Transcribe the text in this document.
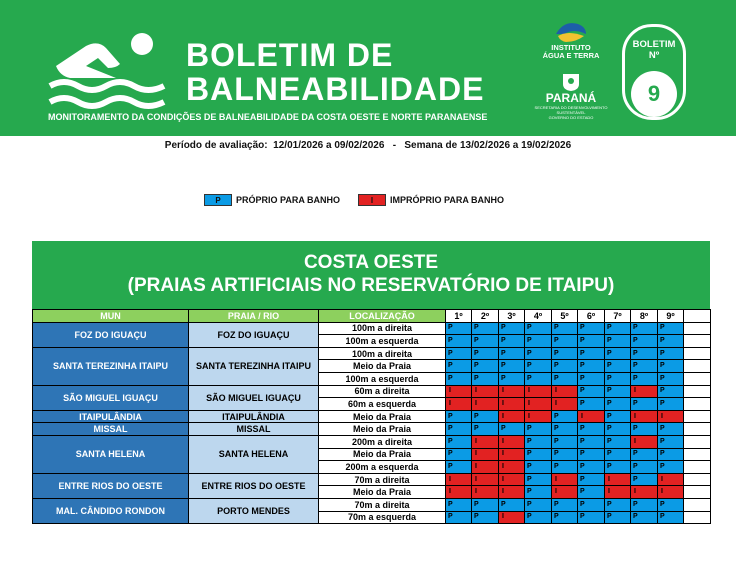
BOLETIM DE
BALNEABILIDADE
MONITORAMENTO DA CONDIÇÕES DE BALNEABILIDADE DA COSTA OESTE E NORTE PARANAENSE
INSTITUTO
ÁGUA E TERRA
PARANÁ
SECRETARIA DO DESENVOLVIMENTO SUSTENTÁVEL
GOVERNO DO ESTADO
BOLETIM
Nº
9
Período de avaliação:  12/01/2026 a 09/02/2026   -   Semana de 13/02/2026 a 19/02/2026
P PRÓPRIO PARA BANHO	I IMPRÓPRIO PARA BANHO
COSTA OESTE
(PRAIAS ARTIFICIAIS NO RESERVATÓRIO DE ITAIPU)
MUN	PRAIA / RIO	LOCALIZAÇÃO	1º	2º	3º	4º	5º	6º	7º	8º	9º	
FOZ DO IGUAÇU	FOZ DO IGUAÇU	100m a direita	P	P	P	P	P	P	P	P	P	
		100m a esquerda	P	P	P	P	P	P	P	P	P	
SANTA TEREZINHA ITAIPU	SANTA TEREZINHA ITAIPU	100m a direita	P	P	P	P	P	P	P	P	P	
		Meio da Praia	P	P	P	P	P	P	P	P	P	
		100m a esquerda	P	P	P	P	P	P	P	P	P	
SÃO MIGUEL IGUAÇU	SÃO MIGUEL IGUAÇU	60m a direita	I	I	I	I	I	P	P	I	P	
		60m a esquerda	I	I	I	I	I	P	P	P	P	
ITAIPULÂNDIA	ITAIPULÂNDIA	Meio da Praia	P	P	I	I	P	I	P	I	I	
MISSAL	MISSAL	Meio da Praia	P	P	P	P	P	P	P	P	P	
SANTA HELENA	SANTA HELENA	200m a direita	P	I	I	P	P	P	P	I	P	
		Meio da Praia	P	I	I	P	P	P	P	P	P	
		200m a esquerda	P	I	I	P	P	P	P	P	P	
ENTRE RIOS DO OESTE	ENTRE RIOS DO OESTE	70m a direita	I	I	I	P	I	P	I	P	I	
		Meio da Praia	I	I	I	P	I	P	I	I	I	
MAL. CÂNDIDO RONDON	PORTO MENDES	70m a direita	P	P	P	P	P	P	P	P	P	
		70m a esquerda	P	P	I	P	P	P	P	P	P	
